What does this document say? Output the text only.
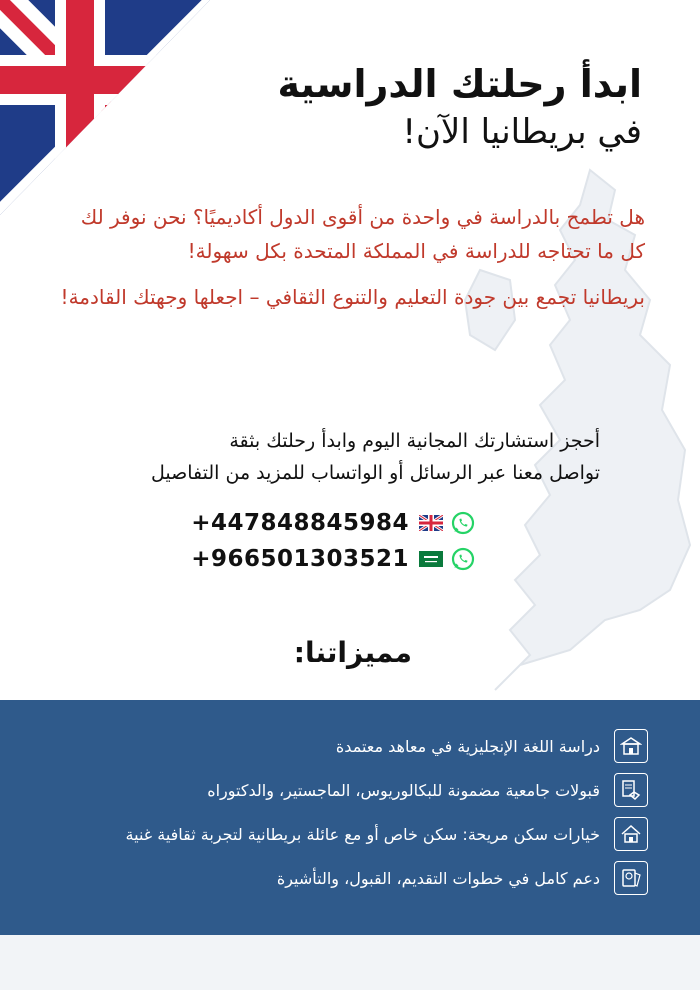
ابدأ رحلتك الدراسية
في بريطانيا الآن!

هل تطمح بالدراسة في واحدة من أقوى الدول أكاديميًا؟ نحن نوفر لك كل ما تحتاجه للدراسة في المملكة المتحدة بكل سهولة!

بريطانيا تجمع بين جودة التعليم والتنوع الثقافي – اجعلها وجهتك القادمة!

أحجز استشارتك المجانية اليوم وابدأ رحلتك بثقة
تواصل معنا عبر الرسائل أو الواتساب للمزيد من التفاصيل
+447848845984
+966501303521
مميزاتنا:
دراسة اللغة الإنجليزية في معاهد معتمدة
قبولات جامعية مضمونة للبكالوريوس، الماجستير، والدكتوراه
خيارات سكن مريحة: سكن خاص أو مع عائلة بريطانية لتجربة ثقافية غنية
دعم كامل في خطوات التقديم، القبول، والتأشيرة
